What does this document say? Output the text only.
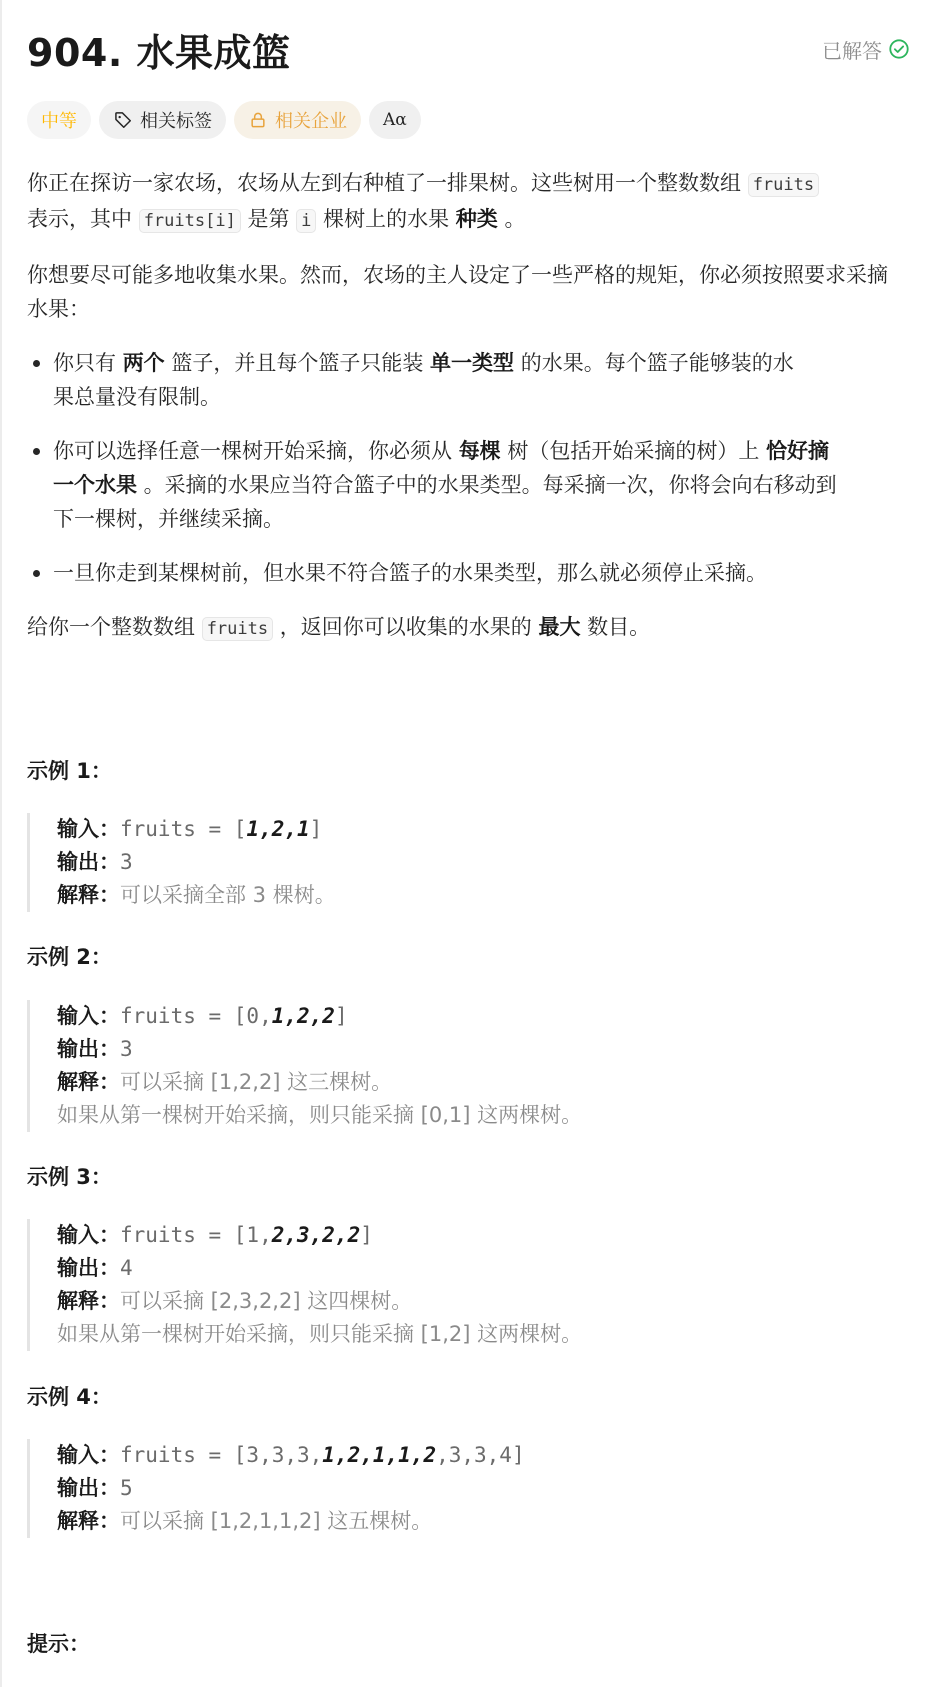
904. 水果成篮	已解答
中等	相关标签	相关企业 Aα

你正在探访一家农场，农场从左到右种植了一排果树。这些树用一个整数数组 fruits
表示，其中 fruits[i] 是第 i 棵树上的水果 种类 。

你想要尽可能多地收集水果。然而，农场的主人设定了一些严格的规矩，你必须按照要求采摘水果：

你只有 两个 篮子，并且每个篮子只能装 单一类型 的水果。每个篮子能够装的水果总量没有限制。
你可以选择任意一棵树开始采摘，你必须从 每棵 树（包括开始采摘的树）上 恰好摘一个水果 。采摘的水果应当符合篮子中的水果类型。每采摘一次，你将会向右移动到下一棵树，并继续采摘。
一旦你走到某棵树前，但水果不符合篮子的水果类型，那么就必须停止采摘。

给你一个整数数组 fruits ，返回你可以收集的水果的 最大 数目。

示例 1：
输入：fruits = [1,2,1]
输出：3
解释：可以采摘全部 3 棵树。
示例 2：
输入：fruits = [0,1,2,2]
输出：3
解释：可以采摘 [1,2,2] 这三棵树。
如果从第一棵树开始采摘，则只能采摘 [0,1] 这两棵树。
示例 3：
输入：fruits = [1,2,3,2,2]
输出：4
解释：可以采摘 [2,3,2,2] 这四棵树。
如果从第一棵树开始采摘，则只能采摘 [1,2] 这两棵树。
示例 4：
输入：fruits = [3,3,3,1,2,1,1,2,3,3,4]
输出：5
解释：可以采摘 [1,2,1,1,2] 这五棵树。
提示：
